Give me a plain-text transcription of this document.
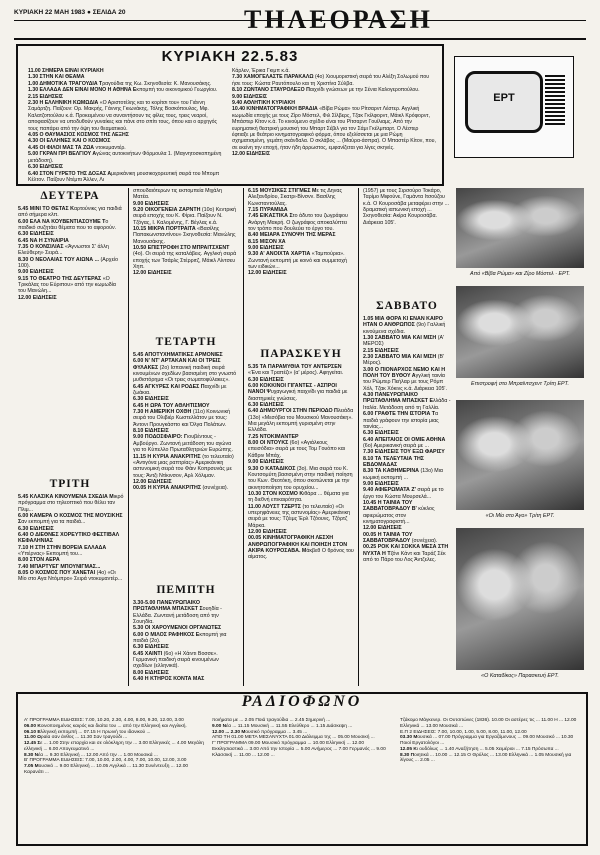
ΚΥΡΙΑΚΗ 22 ΜΑΗ 1983 ● ΣΕΛΙΔΑ 20	ΤΗΛΕΟΡΑΣΗ
ΚΥΡΙΑΚΗ 22.5.83

11.00 ΣΗΜΕΡΑ ΕΙΝΑΙ ΚΥΡΙΑΚΗ

1.30 ΣΤΗΝ ΚΑΙ ΘΕΑΜΑ

1.00 ΔΗΜΟΤΙΚΑ ΤΡΑΓΟΥΔΙΑ Τραγούδια της Κω. Σκηνοθεσία: Κ. Μανουσάκης.

1.30 ΕΛΛΑΔΑ ΔΕΝ ΕΙΝΑΙ ΜΟΝΟ Η ΑΘΗΝΑ Εκπομπή του οικονομικού Γεωργίου.

2.15 ΕΙΔΗΣΕΙΣ

2.30 Η ΕΛΛΗΝΙΚΗ ΚΩΜΩΔΙΑ «Ο Αριστοτέλης και το κορίτσι του» του Γιάννη Σαμάρτζη. Παίζουν: Ορ. Μακρής, Γάννης Γκιωνάκης, Τόλης Βοσκόπουλος, Μφ. Καλατζοπούλου κ.ά. Προκειμένου να συναντήσουν τις φίλες τους, τρεις νεαροί, αποφασίζουν να υποδυθούν γυναίκες και πάνε στο σπίτι τους, όπου και ο αρχηγός τους παπάρει από την όψη του θεαματικού.

4.05 Ο ΘΑΥΜΑΣΙΟΣ ΚΟΣΜΟΣ ΤΗΣ ΛΕΞΗΣ

4.30 ΟΙ ΕΛΛΗΝΕΣ ΚΑΙ Ο ΚΟΣΜΟΣ

4.45 ΟΙ ΦΙΛΟΙ ΜΑΣ ΤΑ ΖΩΑ ντοκυμαντέρ.

5.00 ΓΚΡΑΝ ΠΡΙ ΒΕΛΓΙΟΥ Αγώνας αυτοκινήτων Φόρμουλα 1. (Μαγνητοσκοπημένη μετάδοση).

6.30 ΕΙΔΗΣΕΙΣ

6.40 ΣΤΟΝ ΓΥΡΕΤΟ ΤΗΣ ΔΟΞΑΣ Αμερικάνικη μουσικοχορευτική σειρά του Μπομπ Κέλτον. Παίζουν Ντέμπι Άλλεν, Λι

Κάρλεν, Έρικα Γκιμπ κ.ά.

7.30 ΧΑΜΟΓΕΛΑΣΤΕ ΠΑΡΑΚΑΛΩ (4ο) Χιουμοριστική σειρά του Αλέξη Σολωμού που ήσε τους: Κώστα Ραυτόπουλο και τη Χριστίνα Σύλβα.

8.10 ΖΩΝΤΑΝΟ ΣΤΑΥΡΟΛΕΞΟ Παιχνίδι γνώσεων με την Σένια Καλογεροπούλου.

9.00 ΕΙΔΗΣΕΙΣ

9.40 ΑΘΛΗΤΙΚΗ ΚΥΡΙΑΚΗ

10.40 ΚΙΝΗΜΑΤΟΓΡΑΦΙΚΗ ΒΡΑΔΙΑ «Βίβα Ρώμα» του Ρίτσαρντ Λέστερ. Αγγλική κωμωδία εποχής με τους Ζίρο Μόστελ, Φιλ Σίλβερς, Τζακ Γκίλφορντ, Μάικλ Κρόφορντ, Μπάστερ Κίτον κ.ά. Το κινούμενο σχέδιο είναι του Ρίτσαρντ Γουίλιαμς. Από την ευρηματική θεατρική μουσική του Μπαρτ Σέβιλ για τον Σάμι Γκέλμπαρτ. Ο Λέστερ έφτιαξε με θεάτριο κινηματογραφικό φόρμα, όπου εξελίσσεται με μια Ρώμη σχηματισμένη, γεμάτη σκάνδαλα. Ο σκλάβος ... (Μαύρα-άσπρα). Ο Μπαστέρ Κίτον, που, σε εκείνη την εποχή, ήταν ήδη άρρωστος, εμφανίζεται για λίγες σκηνές.

12.00 ΕΙΔΗΣΕΙΣ

ΕΡΤ
ΔΕΥΤΕΡΑ

5.45 ΜΙΝΙ ΤΟ ΘΕΤΑΣ Καρτούνικς για παιδιά από σήμερα κλπ.

6.00 ΕΛΑ ΝΑ ΚΟΥΒΕΝΤΙΑΣΟΥΜΕ Το παιδικό συζητάει θέματα που το αφορούν.

6.30 ΕΙΔΗΣΕΙΣ

6.45 ΝΑ Η ΣΥΝΑΙΡΙΑ

7.35 Ο ΚΟΝΣΙΛΙΑΣ «Άγνωστοι Σ' άλλη Ελεύθερη» Σειρά...

8.30 Ο ΝΕΟΛΑΙΑΣ ΤΟΥ ΑΙΩΝΑ ... (Αρχείο 100).

9.00 ΕΙΔΗΣΕΙΣ

9.15 ΤΟ ΘΕΑΤΡΟ ΤΗΣ ΔΕΥΤΕΡΑΣ «Ο Τρικάλας του Εύριπου» από την κωμωδία του Μανώλη...

12.00 ΕΙΔΗΣΕΙΣ

ΤΡΙΤΗ

5.45 ΚΛΑΣΙΚΑ ΚΙΝΟΥΜΕΝΑ ΣΧΕΔΙΑ Μικρό πρόγραμμα στο τηλεοπτικό που θέλει ταν Πλιμ...

6.00 ΚΑΜΕΡΑ Ο ΚΟΣΜΟΣ ΤΗΣ ΜΟΥΣΙΚΗΣ Σαν εκπομπή για τα παιδιά...

6.30 ΕΙΔΗΣΕΙΣ

6.40 Ο ΔΙΕΘΝΕΣ ΧΟΡΕΥΤΙΚΟ ΦΕΣΤΙΒΑΛ ΚΕΦΑΛΗΝΙΑΣ

7.10 Η ΣΤΗ ΣΤΗΝ ΒΟΡΕΙΑ ΕΛΛΑΔΑ «Υπέρνας» Εκπομπή του...

8.00 ΣΤΟΝ ΑΕΡΑ

7.40 ΜΠΑΡΤΥΕΓ ΜΠΟΥΝΙΓΜΑΣ...

8.05 Ο ΚΟΣΜΟΣ ΠΟΥ ΧΑΝΕΤΑΙ (4ο) «Οι Μίο στο Αγα Ντόμπρο» Σειρά ντοκυμαντέρ...

σπουδαιότερων τις εκπομπεία Μιχάλη Ματέα.

9.00 ΕΙΔΗΣΕΙΣ

9.20 ΟΙΚΟΓΕΝΕΙΑ ΖΑΡΝΤΗ (10ο) Κεντρική σειρά εποχής του Κ. Φίρια. Παίζουν Ν. Τζόγας, Ι. Καλομένης, Γ. Βέγλας κ.ά.

10.15 ΜΙΚΡΑ ΠΟΡΤΡΑΙΤΑ «Βασίλης Παπακωνσταντίνου» Σκηνοθεσία: Μανώλης Μανουσάκης.

10.50 ΕΠΙΣΤΡΟΦΗ ΣΤΟ ΜΠΡΑΙΤΣΧΕΝΤ (4ο). Οι σειρά της καταλάβεις. Αγγλική σειρά εποχής των Τσάρλς Στέρριτζ, Μάικλ Λίντσευ Χηπ.

12.00 ΕΙΔΗΣΕΙΣ

ΤΕΤΑΡΤΗ

5.45 ΑΠΟΤΥΧΗΜΑΤΙΚΕΣ ΑΡΜΟΝΙΕΣ

6.00 Ν' ΝΤ' ΑΡΤΑΚΑΝ ΚΑΙ ΟΙ ΤΡΕΙΣ ΦΥΛΑΚΕΣ (2ο) Ισπανική παιδική σειρά κινουμένων σχεδίων βασισμένη στο γνωστό μυθιστόρημα «Οι τρεις σωματοφύλακες».

6.45 ΑΓΚΥΡΕΣ ΚΑΙ ΡΟΔΕΣ Παιχνίδι με ζωάκια.

6.30 ΕΙΔΗΣΕΙΣ

6.45 Η ΩΡΑ ΤΟΥ ΑΘΛΗΤΙΣΜΟΥ

7.30 Η ΑΜΕΡΙΚΗ ΟΧΘΗ (11ο) Κοινωνική σειρά του Ολιβιέρ Κωστελλάτον με τους: Άντονι Προυγκάσπο και Όλγα Πολάτων.

8.10 ΕΙΔΗΣΕΙΣ

9.00 ΠΟΔΟΣΦΑΙΡΟ: Γιουβέντους - Αμβούργο. Ζωντανή μετάδοση του αγώνα για το Κύπελλο Πρωταθλητριών Ευρώπης.

11.15 Η ΚΥΡΙΑ ΑΝΑΚΡΙΤΗΣ (το τελευταίο) «Αντιγόνα μιας ραπτρίας» Αμερικάνικη αστυνομική σειρά του Φάιν Κοπρσυνάς με τους: Άντζι Ντίκινσον, Αρλ Χόλιμαν.

12.00 ΕΙΔΗΣΕΙΣ

00.05 Η ΚΥΡΙΑ ΑΝΑΚΡΙΤΗΣ (συνέχεια).

ΠΕΜΠΤΗ

3.30-5.00 ΠΑΝΕΥΡΩΠΑΙΚΟ ΠΡΩΤΑΘΛΗΜΑ ΜΠΑΣΚΕΤ Σουηδία - Ελλάδα. Ζωντανή μετάδοση από την Σουηδία.

5.30 ΟΙ ΧΑΡΟΥΜΕΝΟΙ ΟΡΓΑΝΩΤΕΣ

6.00 Ο ΜΙΛΟΣ ΡΑΦΗΚΟΣ Εκπομπή για παιδιά (2ο).

6.30 ΕΙΔΗΣΕΙΣ

6.45 ΧΑΙΝΤΙ (6ο) «Η Χάιντι Βοσσε». Γερμανική παιδική σειρά κινουμένων σχεδίων (ελληνικά).

8.00 ΕΙΔΗΣΕΙΣ

6.40 Η ΚΤΗΡΟΣ ΚΟΝΤΑ ΜΑΣ

6.15 ΜΟΥΣΙΚΕΣ ΣΤΙΓΜΕΣ Με τις Δηνας Αλεξανδρίου, Σκατρι-Βίνσνν. Βασίλης Κωνσταντούλας.

7.15 ΠΥΡΑΜΙΔΑ

7.45 ΕΙΚΑΣΤΙΚΑ Στο άδυτο του ζωγράφου Ανάργη Μακρή. Ο ζωγράφος αποκαλύπτει τον τρόπο που δουλεύει το έργο του.

8.40 ΜΕΙΑΡΑ ΣΥΝΟΨΗ ΤΗΣ ΜΕΡΑΣ

8.15 ΜΙΣΟΝ ΧΑ

9.00 ΕΙΔΗΣΕΙΣ

9.30 Α' ΑΝΟΙΧΤΑ ΧΑΡΤΙΑ «Ταμπούρια». Ζωντανή εκπομπή με κοινό και συμμετοχή των ειδικών...

12.00 ΕΙΔΗΣΕΙΣ

ΠΑΡΑΣΚΕΥΗ

5.35 ΤΑ ΠΑΡΑΜΥΘΙΑ ΤΟΥ ΑΝΤΕΡΣΕΝ «Ένα και Τραπέζι» (α' μέρος). Αφηγείται.

6.30 ΕΙΔΗΣΕΙΣ

6.00 ΚΟΚΚΙΝΟΙ ΓΙΓΑΝΤΕΣ - ΑΣΠΡΟΙ ΝΑΝΟΙ Ψυχαγωγική παιχνίδι για παιδιά με διαστημικές γνώσεις.

6.30 ΕΙΔΗΣΕΙΣ

6.40 ΔΗΜΟΥΡΓΟΙ ΣΤΗΝ ΠΕΡΙΟΔΟ Πλειάδα (13ο) «Μεσόβια του Μουσικού Μανουσάκη». Μια μεγάλη εκπομπή γυρισμένη στην Ελλάδα.

7.25 ΝΤΟΚΙΜΑΝΤΕΡ

8.00 ΟΙ ΝΤΟΥΚΣ (6ο) «Αγιάλκους επεισόδια» σειρά με τους Τομ Γουόπο και Κάθριν Μπάχ.

9.00 ΕΙΔΗΣΕΙΣ

9.30 Ο ΚΑΤΑΔΙΚΟΣ (3ο). Μια σειρά του Κ. Κουτσομύτη βασισμένη στην παιδική ποίηση του Κων. Θεοτόκη, όπου σκοτώνεται με την ακινητοποίηση του ορυχείου...

10.30 ΣΤΟΝ ΚΟΣΜΟ Κιθάρα ... θέματα για τη διεθνή επικαιρότητα.

11.00 ΛΟΥΣΤ ΤΖΕΡΤΣ (το τελευταίο) «Οι υπερηφάνειες της αστυνομίας» Αμερικάνικη σειρά με τους: Τζέιμς Έρλ Τζόουνς, Τζόρτζ Μάρκα.

12.00 ΕΙΔΗΣΕΙΣ

00.05 ΚΙΝΗΜΑΤΟΓΡΑΦΙΚΗ ΛΕΣΧΗ ΑΝΘΡΩΠΟΓΡΑΦΙΚΗ ΚΑΙ ΠΟΙΗΣΗ ΣΤΟΝ ΑΚΙΡΑ ΚΟΥΡΟΣΑΒΑ. Μάκβεθ Ο θρόνος του αίματος.

(1957) με τους Σιρσούρο Τοκάρο, Ταρίμο Μιφούνε, Γαμάντα Ιτσούζου κ.ά. Ο Κουροσάβα μεταφέρει στην ... δραματική ιαπωνική εποχή ...

Σκηνοθεσία: Ακίρα Κουροσάβα. Διάρκεια 105'.

ΣΑΒΒΑΤΟ

1.05 ΜΙΑ ΦΟΡΑ ΚΙ ΕΝΑΝ ΚΑΙΡΟ ΗΤΑΝ Ο ΑΝΘΡΩΠΟΣ (9ο) Γαλλική κινούμενα σχέδια.

1.30 ΣΑΒΒΑΤΟ ΜΙΑ ΚΑΙ ΜΙΣΗ (Α' ΜΕΡΟΣ)

2.15 ΕΙΔΗΣΕΙΣ

2.30 ΣΑΒΒΑΤΟ ΜΙΑ ΚΑΙ ΜΙΣΗ (Β' Μέρος).

3.00 Ο ΠΙΟΝΑΡΧΟΣ ΝΕΜΟ ΚΑΙ Η ΠΟΛΗ ΤΟΥ ΒΥΘΟΥ Αγγλική ταινία του Ρώμτερ Πεήλαρ με τους Ρόμπ Χόλ, Τζακ Χόκινς κ.ά. Διάρκεια 105'.

4.30 ΠΑΝΕΥΡΩΠΑΙΚΟ ΠΡΩΤΑΘΛΗΜΑ ΜΠΑΣΚΕΤ Ελλάδα - Ιταλία. Μετάδοση από τη Γαλλία.

6.00 ΓΡΑΦΤΕ ΤΗΝ ΙΣΤΟΡΙΑ Τα παιδιά γράφουν την ιστορία μιας ταινίας...

6.30 ΕΙΔΗΣΕΙΣ

6.40 ΑΠΕΙΤΑΙΟΣ ΟΙ ΟΜΙΕ ΑΘΗΝΑ (6ο) Αμερικανική σειρά με ...

7.30 ΕΙΔΗΣΕΙΣ ΤΟΥ ΕΞΩ ΦΑΡΙΣΥ

8.10 ΤΑ ΤΕΛΕΥΤΑΙΑ ΤΗΣ ΕΒΔΟΜΑΔΑΣ

8.30 ΤΑ ΚΑΘΗΜΕΡΙΝΑ (13ο) Μια κωμική εκπομπή ...

9.00 ΕΙΔΗΣΕΙΣ

9.40 ΑΦΙΕΡΩΜΑΤΑ Ζ' σειρά με το έργο του Κώστα Μουρσελά...

10.45 Η ΤΑΙΝΙΑ ΤΟΥ ΣΑΒΒΑΤΟΒΡΑΔΟΥ Β' κύκλος αφιερώματος στον κινηματογραφιστή...

12.00 ΕΙΔΗΣΕΙΣ

00.05 Η ΤΑΙΝΙΑ ΤΟΥ ΣΑΒΒΑΤΟΒΡΑΔΟΥ (συνέχεια).

00.25 ΡΟΚ ΚΑΙ ΣΟΚΚΑ ΜΕΣΑ ΣΤΗ ΝΥΧΤΑ Η Τζόνι Κάντ και Ταράζ Σέκ από το Πάρο του Λος Άντζελες.

Από «Βίβα Ρώμα» και Ζίρο Μόστελ · ΕΡΤ.
Επιστροφή στο Μπραϊντσχεντ Τρίτη ΕΡΤ.
«Οι Μίο στο Άγο» Τρίτη ΕΡΤ.
«Ο Καταδίκος» Παρασκευή ΕΡΤ.
ΡΑΔΙΟΦΩΝΟ

Α' ΠΡΟΓΡΑΜΜΑ ΕΙΔΗΣΕΙΣ: 7.00, 10.20, 2.30, 4.00, 8.00, 9.30, 12.00, 3.00

06.00 Κοινοποιημένος καιρός και διαίτα του ... από την Ελληνική και Αγγλική.

06.10 Ελληνική εκπομπή ... 07.15 Η πρωινή του ιδανικού ...

11.00 Ωραία σαν άνθος ... 11.30 Σαν τραγούδι ...

12.45 Σε ... 1.00 Στην επαρχία και σε ολόκληρη την ... 3.00 Ελληνικές ... 4.00 Μεγάλη ελληνική ... 6.00 Απογευματινό ...

8.30 Νέα ... 9.30 Ελληνική ... 12.00 Από την ... 1.00 Μουσικά ...

Β' ΠΡΟΓΡΑΜΜΑ ΕΙΔΗΣΕΙΣ: 7.00, 10.00, 2.00, 4.00, 7.00, 10.00, 12.00, 3.00

7.05 Μουσικό ... 9.00 Ελληνική ... 10.05 Αγγλικά ... 11.30 Συνέντευξη ... 12.00 Καρανάτι ...

ποιήματα με ... 2.05 Ποιά τραγούδια ... 2.45 Σημερινή ...

9.00 Νέα ... 11.15 Μουσική ... 11.55 Ελεύθερο ... 1.15 Διάσκεψη ...

12.00 ... 2.30 Μουσικό πρόγραμμα ... 3.45 ...

ΑΠΟ ΤΗ 01.00 ΜΕΤΑ ΜΕΣΑΝΥΧΤΑ 01.00 Διάλειμμα της ... 05.00 Μουσική ...

Γ' ΠΡΟΓΡΑΜΜΑ 09.00 Μουσικό πρόγραμμα ... 10.00 Ελληνική ... 12.00 Εκκλησιαστικά ... 3.00 Από την Ιστορία ... 5.00 Ανήμερος ... 7.00 Γερμανός ... 9.00 Κλασσική ... 11.00 ... 12.00 ...

Τζάκομο Μάγκενερ. Οι Ουτσιτώνες (1836). 10.00 Οι αστέρες τις ... 11.00 Η ... 12.00 Ελληνικά ... 13.00 Μουσικά ...

Ε.Π 2 ΕΙΔΗΣΕΙΣ: 7.00, 10.00, 1.00, 5.00, 8.00, 11.00, 12.00

03.30 Μουσικά ... 07.00 Πρόγραμμα για Εργαζόμενους ... 09.00 Μουσικό ... 10.30 Ποιοί Εργατολόγοι ...

12.05 Κι ουδόλως ... 1.40 Αναζήτηση ... 5.05 Χειμέριοι ... 7.15 Πρόσωπα ...

8.30 Ποιητικά ... 10.00 ... 12.15 Ο Θρύλος ... 13.00 Ελληνικά ... 1.05 Μουσική για λίγους ... 2.05 ...
